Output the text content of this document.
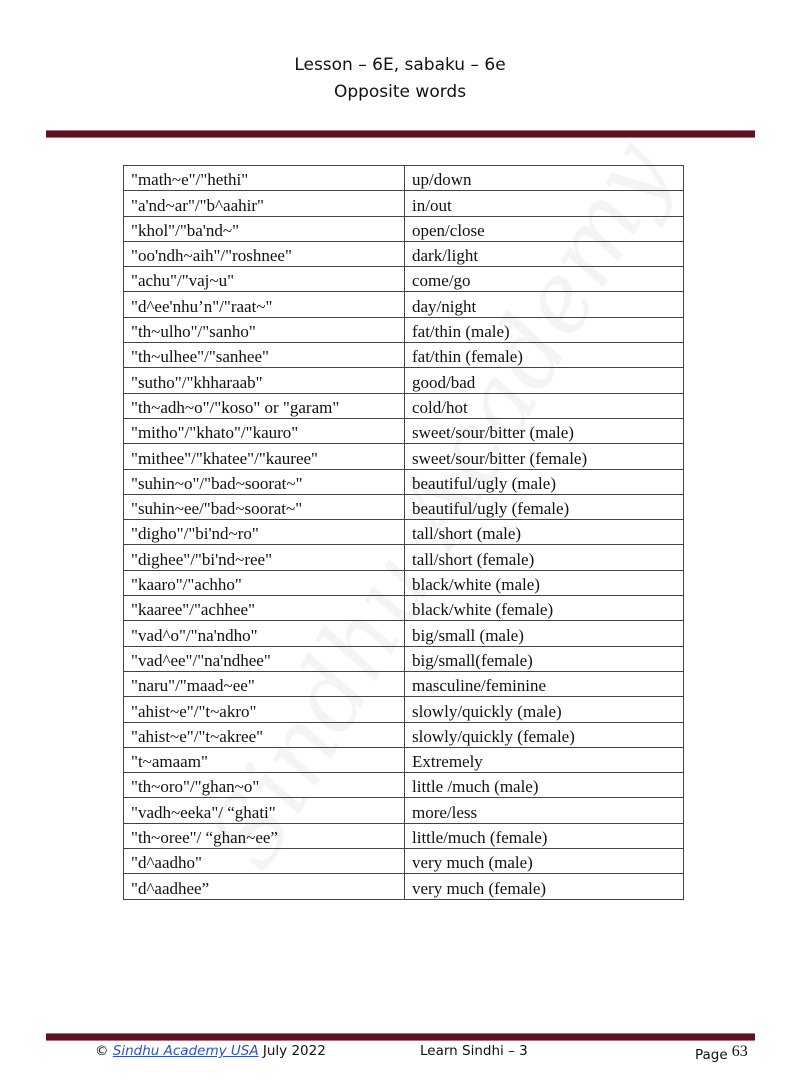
Lesson – 6E, sabaku – 6e
Opposite words
"math~e"/"hethi"	up/down
"a'nd~ar"/"b^aahir"	in/out
"khol"/"ba'nd~"	open/close
"oo'ndh~aih"/"roshnee"	dark/light
"achu"/"vaj~u"	come/go
"d^ee'nhu’n"/"raat~"	day/night
"th~ulho"/"sanho"	fat/thin (male)
"th~ulhee"/"sanhee"	fat/thin (female)
"sutho"/"khharaab"	good/bad
"th~adh~o"/"koso" or "garam"	cold/hot
"mitho"/"khato"/"kauro"	sweet/sour/bitter (male)
"mithee"/"khatee"/"kauree"	sweet/sour/bitter (female)
"suhin~o"/"bad~soorat~"	beautiful/ugly (male)
"suhin~ee/"bad~soorat~"	beautiful/ugly (female)
"digho"/"bi'nd~ro"	tall/short (male)
"dighee"/"bi'nd~ree"	tall/short (female)
"kaaro"/"achho"	black/white (male)
"kaaree"/"achhee"	black/white (female)
"vad^o"/"na'ndho"	big/small (male)
"vad^ee"/"na'ndhee"	big/small(female)
"naru"/"maad~ee"	masculine/feminine
"ahist~e"/"t~akro"	slowly/quickly (male)
"ahist~e"/"t~akree"	slowly/quickly (female)
"t~amaam"	Extremely
"th~oro"/"ghan~o"	little /much (male)
"vadh~eeka"/ “ghati"	more/less
"th~oree"/ “ghan~ee”	little/much (female)
"d^aadho"	very much (male)
"d^aadhee”	very much (female)
© Sindhu Academy USA July 2022	Learn Sindhi – 3	Page 63
